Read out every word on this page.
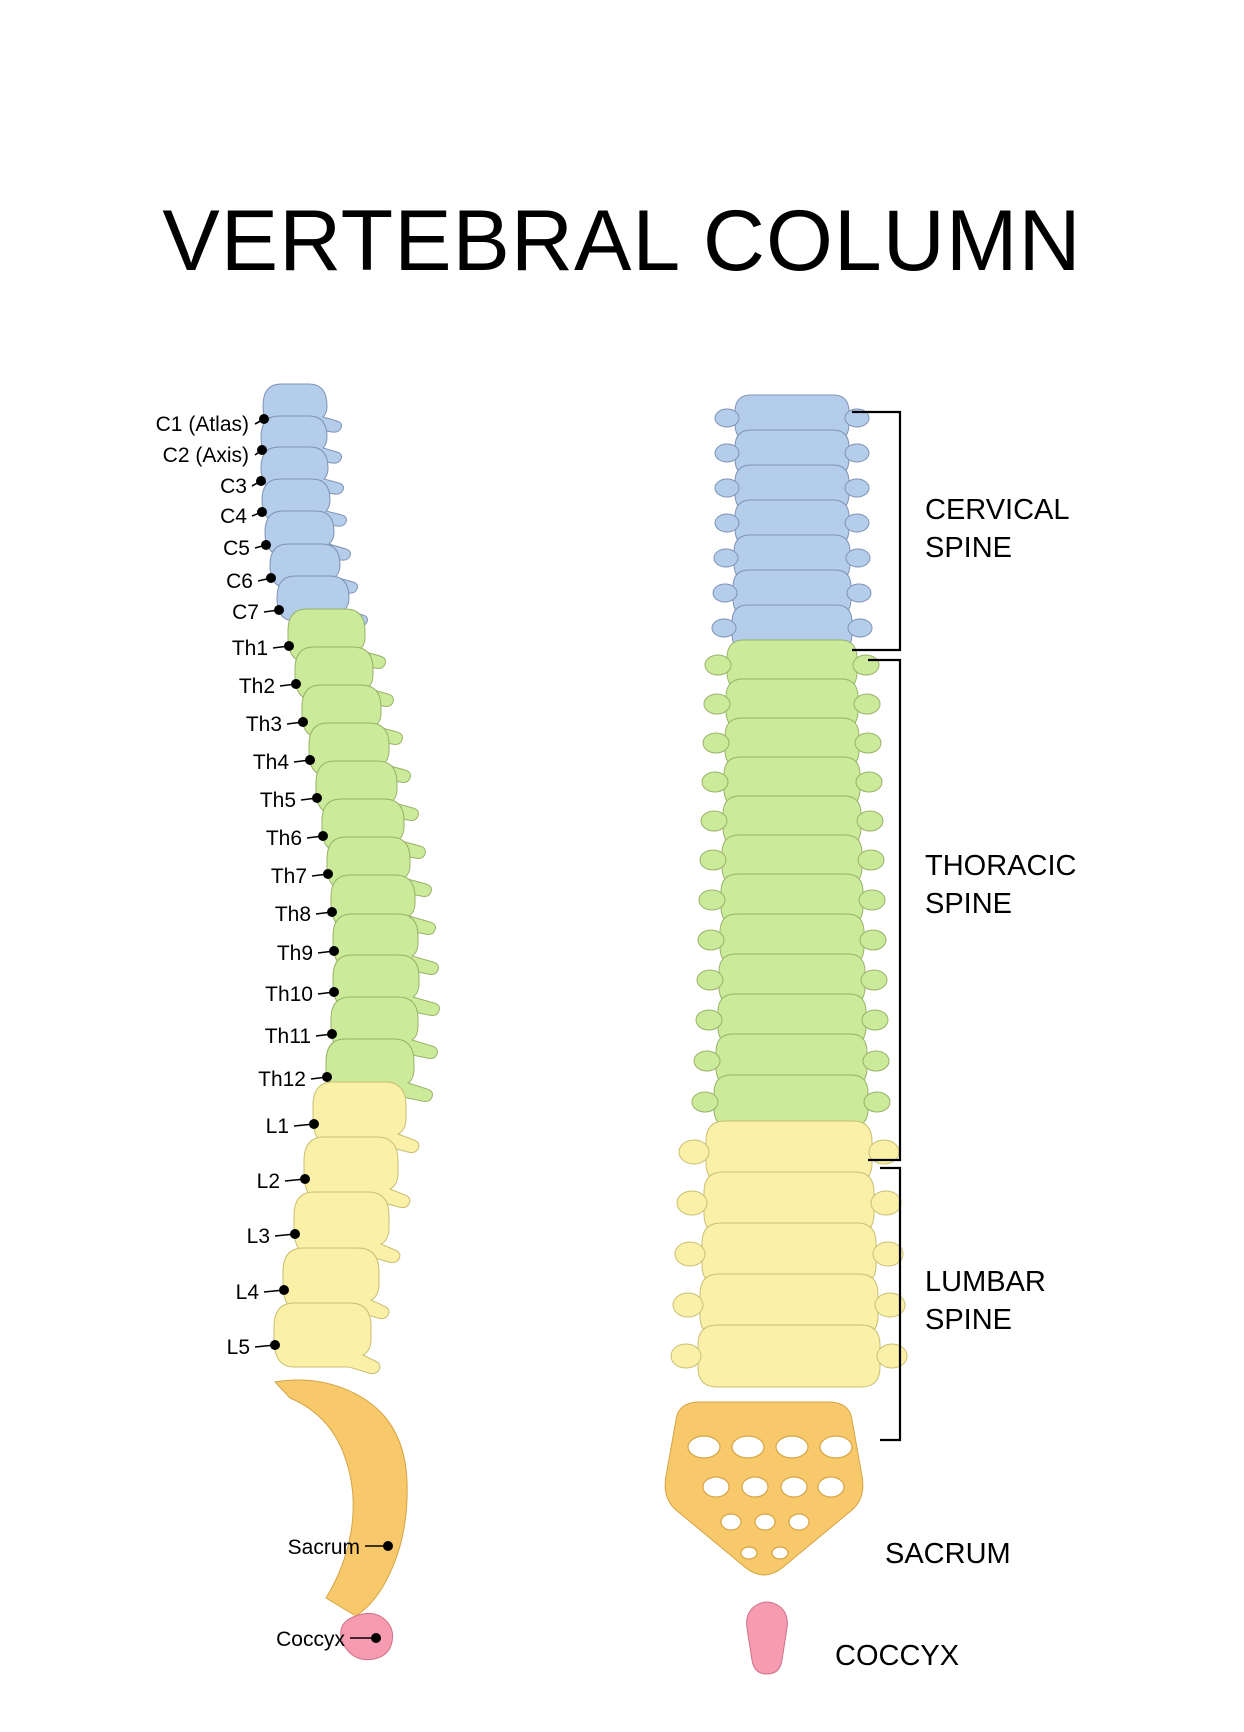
VERTEBRAL COLUMN
C1 (Atlas)
C2 (Axis)
C3
C4
C5
C6
C7
Th1
Th2
Th3
Th4
Th5
Th6
Th7
Th8
Th9
Th10
Th11
Th12
L1
L2
L3
L4
L5
Sacrum
Coccyx
CERVICAL
SPINE
THORACIC
SPINE
LUMBAR
SPINE
SACRUM
COCCYX
